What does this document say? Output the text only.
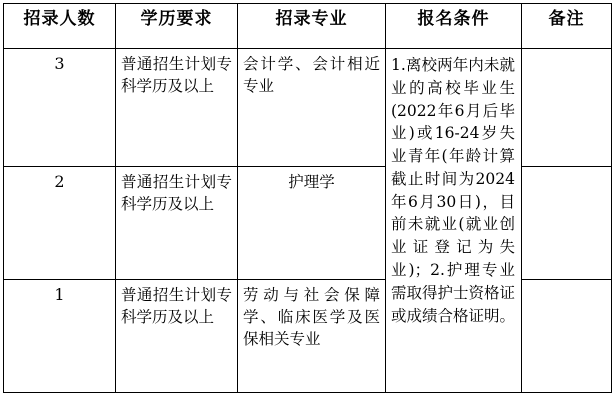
招录人数	学历要求	招录专业	报名条件	备注

3	普通招生计划专科学历及以上	会计学、会计相近专业	1.离校两年内未就业的高校毕业生(2022年6月后毕业)或16-24岁失业青年(年龄计算截止时间为2024年6月30日)，目前未就业(就业创业证登记为失业)；2.护理专业需取得护士资格证或成绩合格证明。	

2	普通招生计划专科学历及以上	护理学		

1	普通招生计划专科学历及以上	劳动与社会保障学、临床医学及医保相关专业		
